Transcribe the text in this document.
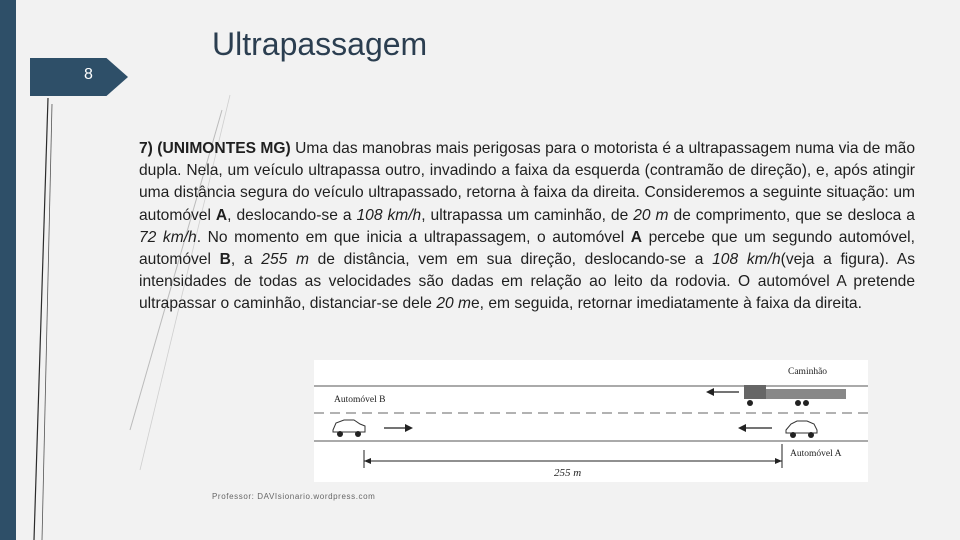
8
Ultrapassagem
7) (UNIMONTES MG) Uma das manobras mais perigosas para o motorista é a ultrapassagem numa via de mão dupla. Nela, um veículo ultrapassa outro, invadindo a faixa da esquerda (contramão de direção), e, após atingir uma distância segura do veículo ultrapassado, retorna à faixa da direita. Consideremos a seguinte situação: um automóvel A, deslocando-se a 108 km/h, ultrapassa um caminhão, de 20 m de comprimento, que se desloca a 72 km/h. No momento em que inicia a ultrapassagem, o automóvel A percebe que um segundo automóvel, automóvel B, a 255 m de distância, vem em sua direção, deslocando-se a 108 km/h(veja a figura). As intensidades de todas as velocidades são dadas em relação ao leito da rodovia. O automóvel A pretende ultrapassar o caminhão, distanciar-se dele 20 me, em seguida, retornar imediatamente à faixa da direita.
Caminhão
Automóvel B
Automóvel A
255 m
Professor: DAVIsionario.wordpress.com
